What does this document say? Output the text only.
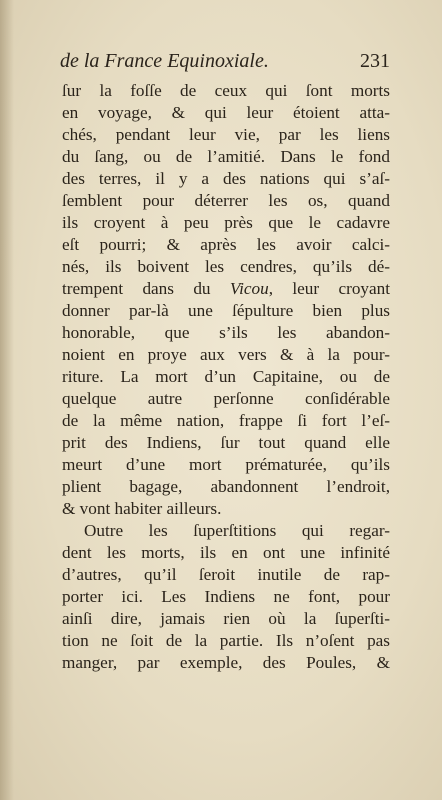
de la France Equinoxiale.	231
ſur la foſſe de ceux qui ſont morts
en voyage, & qui leur étoient atta-
chés, pendant leur vie, par les liens
du ſang, ou de l’amitié. Dans le fond
des terres, il y a des nations qui s’aſ-
ſemblent pour déterrer les os, quand
ils croyent à peu près que le cadavre
eſt pourri; & après les avoir calci-
nés, ils boivent les cendres, qu’ils dé-
trempent dans du Vicou, leur croyant
donner par-là une ſépulture bien plus
honorable, que s’ils les abandon-
noient en proye aux vers & à la pour-
riture. La mort d’un Capitaine, ou de
quelque autre perſonne conſidérable
de la même nation, frappe ſi fort l’eſ-
prit des Indiens, ſur tout quand elle
meurt d’une mort prématurée, qu’ils
plient bagage, abandonnent l’endroit,
& vont habiter ailleurs.
Outre les ſuperſtitions qui regar-
dent les morts, ils en ont une infinité
d’autres, qu’il ſeroit inutile de rap-
porter ici. Les Indiens ne font, pour
ainſi dire, jamais rien où la ſuperſti-
tion ne ſoit de la partie. Ils n’oſent pas
manger, par exemple, des Poules, &
